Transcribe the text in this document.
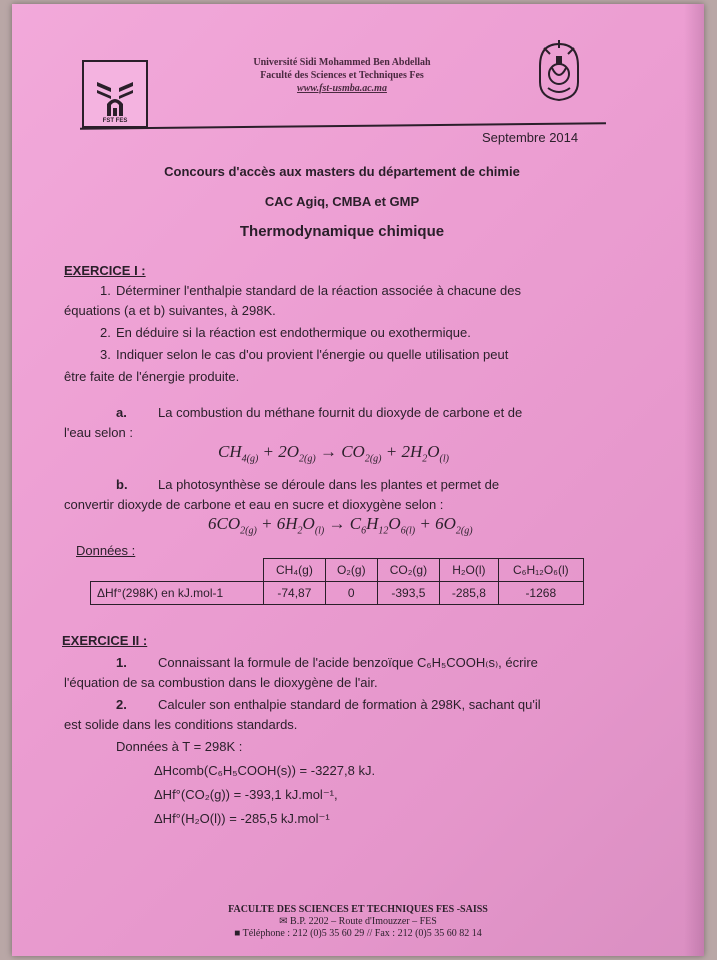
FST FES
Université Sidi Mohammed Ben Abdellah
Faculté des Sciences et Techniques Fes
www.fst-usmba.ac.ma
Septembre 2014
Concours d'accès aux masters du département de chimie
CAC Agiq, CMBA et GMP
Thermodynamique chimique
EXERCICE I :
1. Déterminer l'enthalpie standard de la réaction associée à chacune des
équations (a et b) suivantes, à 298K.
2. En déduire si la réaction est endothermique ou exothermique.
3. Indiquer selon le cas d'ou provient l'énergie ou quelle utilisation peut
être faite de l'énergie produite.
a. La combustion du méthane fournit du dioxyde de carbone et de
l'eau selon :
$CH_{4(g)} + 2O_{2(g)} \to CO_{2(g)} + 2H_2O_{(l)}$
b. La photosynthèse se déroule dans les plantes et permet de
convertir dioxyde de carbone et eau en sucre et dioxygène selon :
$6CO_{2(g)} + 6H_2O_{(l)} \to C_6H_{12}O_{6(l)} + 6O_{2(g)}$
Données :
	CH₄(g)	O₂(g)	CO₂(g)	H₂O(l)	C₆H₁₂O₆(l)
ΔHf°(298K) en kJ.mol-1	-74,87	0	-393,5	-285,8	-1268
EXERCICE II :
1. Connaissant la formule de l'acide benzoïque C₆H₅COOH₍s₎, écrire
l'équation de sa combustion dans le dioxygène de l'air.
2. Calculer son enthalpie standard de formation à 298K, sachant qu'il
est solide dans les conditions standards.
Données à T = 298K :
ΔHcomb(C₆H₅COOH(s)) = -3227,8 kJ.
ΔHf°(CO₂(g)) = -393,1 kJ.mol⁻¹,
ΔHf°(H₂O(l)) = -285,5 kJ.mol⁻¹
FACULTE DES SCIENCES ET TECHNIQUES FES -SAISS
✉ B.P. 2202 – Route d'Imouzzer – FES
■ Téléphone : 212 (0)5 35 60 29 // Fax : 212 (0)5 35 60 82 14
